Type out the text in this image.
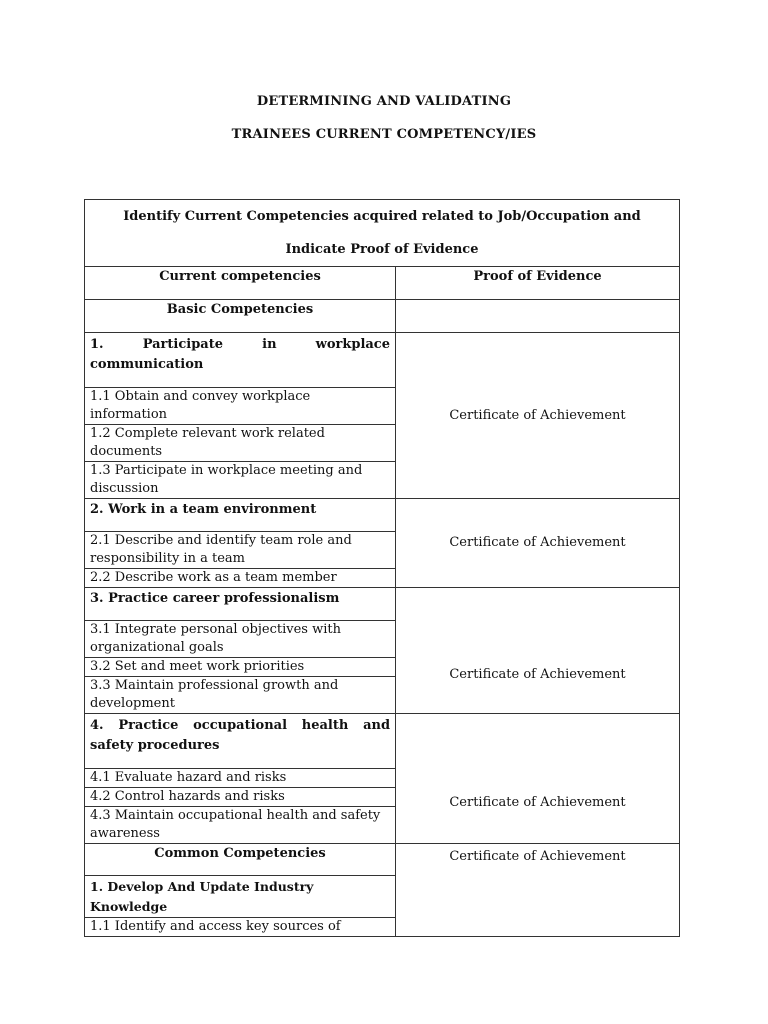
DETERMINING AND VALIDATING
TRAINEES CURRENT COMPETENCY/IES
Identify Current Competencies acquired related to Job/Occupation and
Indicate Proof of Evidence	

Current competencies	Proof of Evidence
Basic Competencies	

1. Participate in workplace
communication	Certificate of Achievement
1.1 Obtain and convey workplace information	
1.2 Complete relevant work related documents	
1.3 Participate in workplace meeting and discussion	
2. Work in a team environment	Certificate of Achievement
2.1 Describe and identify team role and responsibility in a team	
2.2 Describe work as a team member	
3. Practice career professionalism	Certificate of Achievement
3.1 Integrate personal objectives with organizational goals	
3.2 Set and meet work priorities	
3.3 Maintain professional growth and development	

4. Practice occupational health and
safety procedures	Certificate of Achievement
4.1 Evaluate hazard and risks	
4.2 Control hazards and risks	
4.3 Maintain occupational health and safety awareness	
Common Competencies	Certificate of Achievement
1. Develop And Update Industry Knowledge	
1.1 Identify and access key sources of	
